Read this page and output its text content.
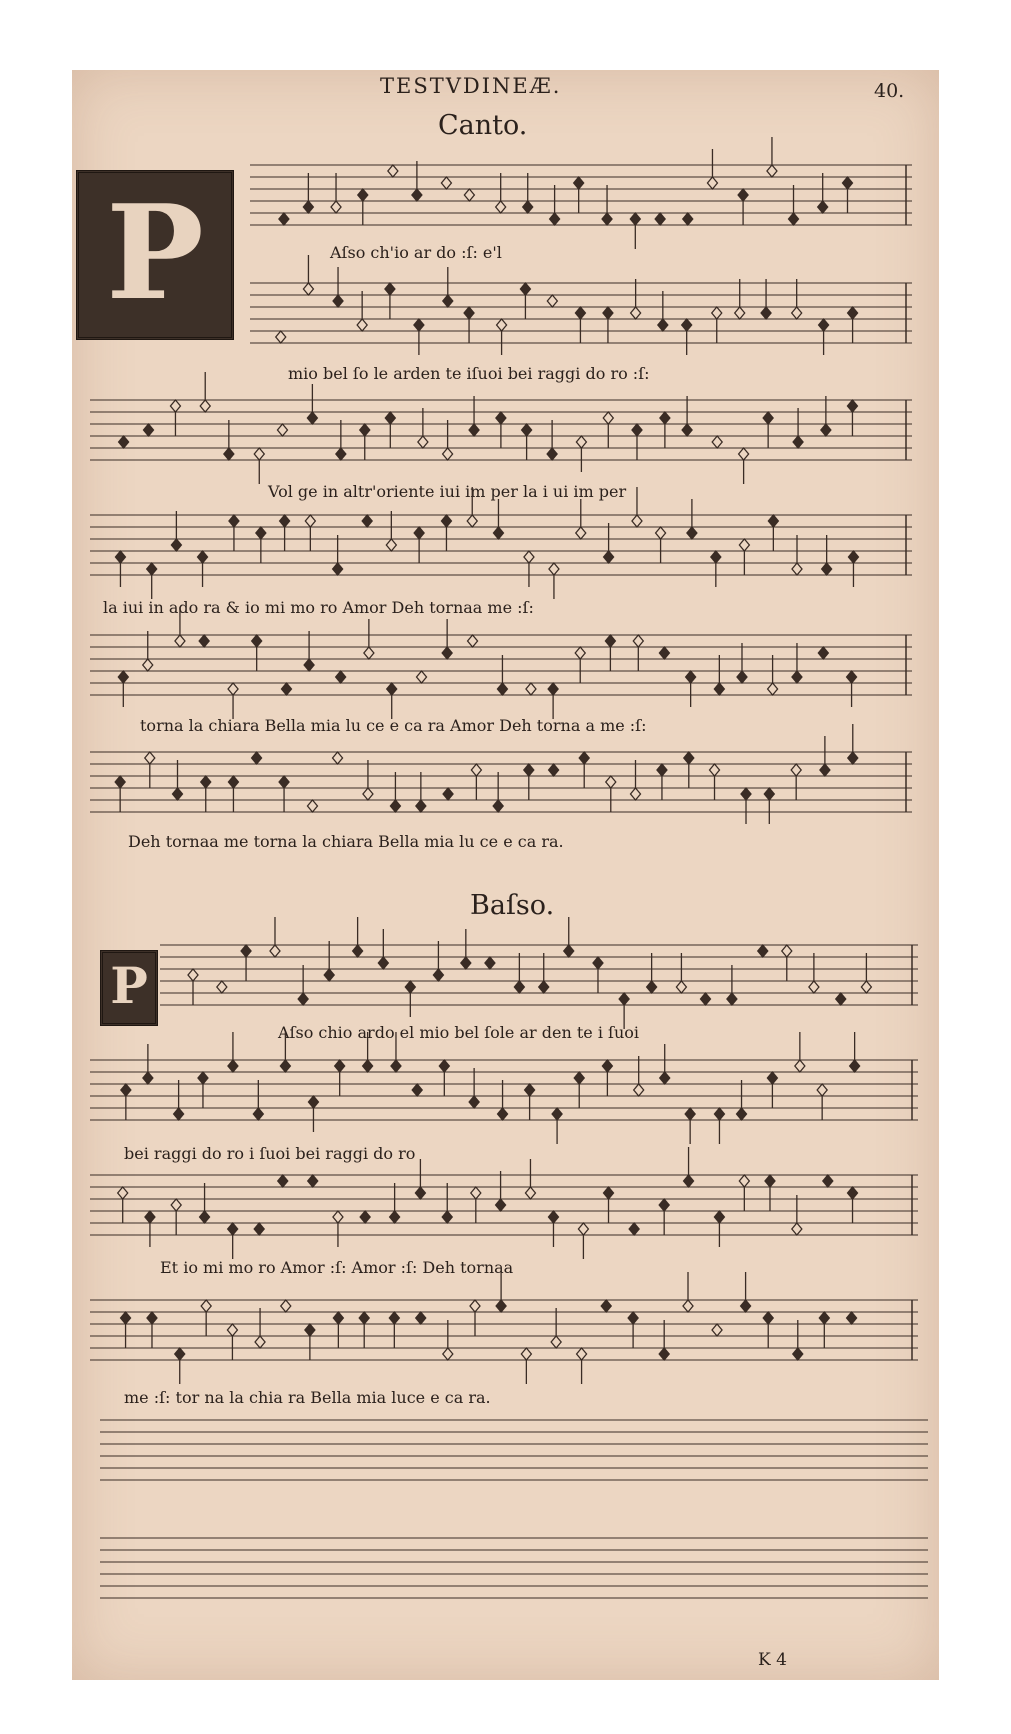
TESTVDINEÆ.	40.
Canto.
P	Aſso ch'io ar do :ſ: e'l
mio bel ſo le arden te iſuoi bei raggi do ro :ſ:
Vol ge in altr'oriente iui im per la i ui im per
la iui in ado ra & io mi mo ro Amor Deh tornaa me :ſ:
torna la chiara Bella mia lu ce e ca ra Amor Deh torna a me :ſ:
Deh tornaa me torna la chiara Bella mia lu ce e ca ra.
Baſso.
P
Aſso chio ardo el mio bel ſole ar den te i ſuoi
bei raggi do ro i ſuoi bei raggi do ro
Et io mi mo ro Amor :ſ: Amor :ſ: Deh tornaa
me :ſ: tor na la chia ra Bella mia luce e ca ra.
K 4
